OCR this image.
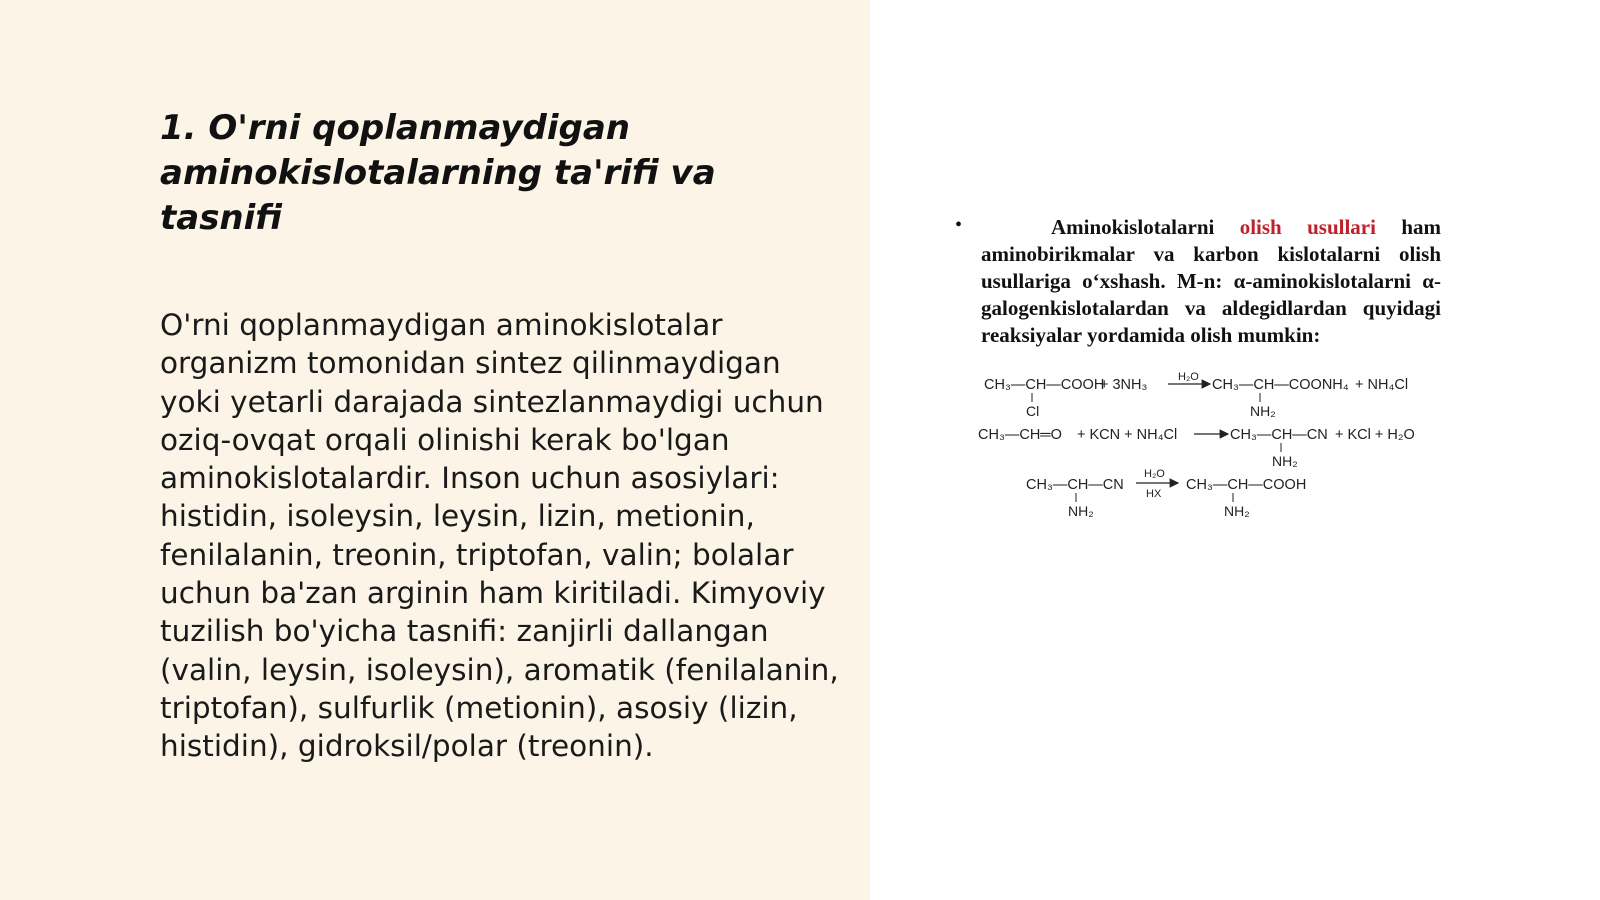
1. O'rni qoplanmaydigan aminokislotalarning ta'rifi va tasnifi

O'rni qoplanmaydigan aminokislotalar organizm tomonidan sintez qilinmaydigan yoki yetarli darajada sintezlanmaydigi uchun oziq-ovqat orqali olinishi kerak bo'lgan aminokislotalardir. Inson uchun asosiylari: histidin, isoleysin, leysin, lizin, metionin, fenilalanin, treonin, triptofan, valin; bolalar uchun ba'zan arginin ham kiritiladi. Kimyoviy tuzilish bo'yicha tasnifi: zanjirli dallangan (valin, leysin, isoleysin), aromatik (fenilalanin, triptofan), sulfurlik (metionin), asosiy (lizin, histidin), gidroksil/polar (treonin).

•	Aminokislotalarni olish usullari ham aminobirikmalar va karbon kislotalarni olish usullariga o‘xshash. M-n: α-aminokislotalarni α-galogenkislotalardan va aldegidlardan quyidagi reaksiyalar yordamida olish mumkin:
CH₃—CH—COOH
Cl
+ 3NH₃	H₂O CH₃—CH—COONH₄
NH₂
+ NH₄Cl
CH₃—CH═O + KCN + NH₄Cl	CH₃—CH—CN
NH₂
+ KCl + H₂O
CH₃—CH—CN
NH₂
H₂O
HX
CH₃—CH—COOH
NH₂
